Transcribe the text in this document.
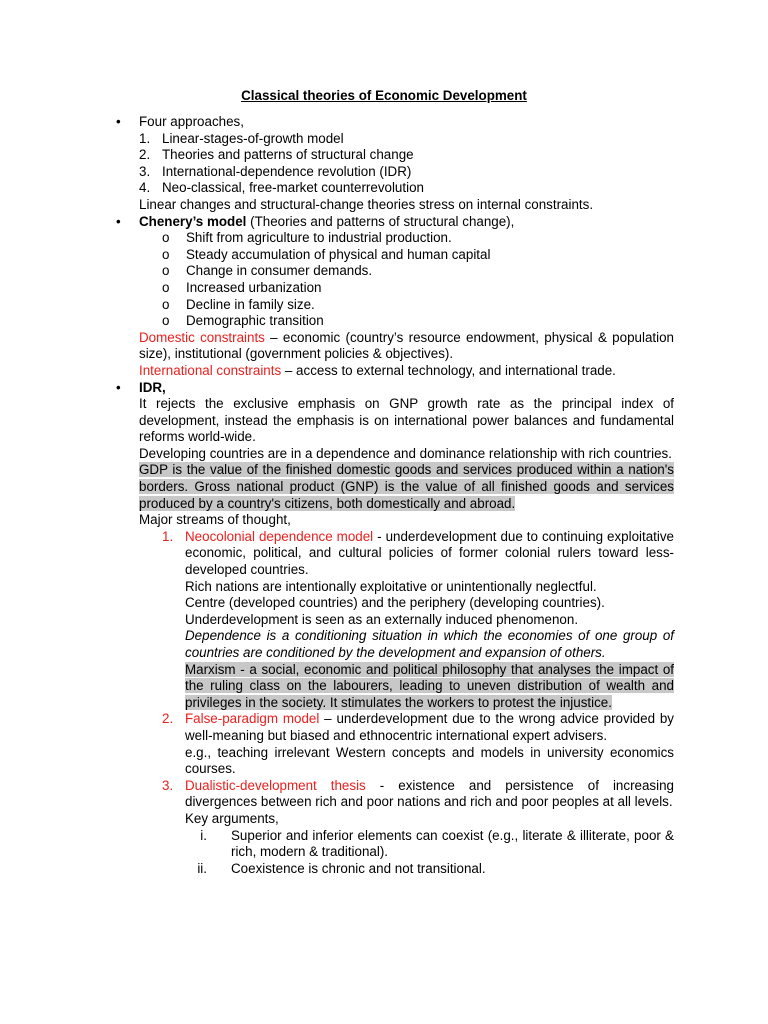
Classical theories of Economic Development
• Four approaches,

1. Linear-stages-of-growth model
2. Theories and patterns of structural change
3. International-dependence revolution (IDR)
4. Neo-classical, free-market counterrevolution

Linear changes and structural-change theories stress on internal constraints.

• Chenery’s model (Theories and patterns of structural change),

o Shift from agriculture to industrial production.
o Steady accumulation of physical and human capital
o Change in consumer demands.
o Increased urbanization
o Decline in family size.
o Demographic transition

Domestic constraints – economic (country’s resource endowment, physical & population size), institutional (government policies & objectives).

International constraints – access to external technology, and international trade.

• IDR,

It rejects the exclusive emphasis on GNP growth rate as the principal index of development, instead the emphasis is on international power balances and fundamental reforms world-wide.

Developing countries are in a dependence and dominance relationship with rich countries.

GDP is the value of the finished domestic goods and services produced within a nation's borders. Gross national product (GNP) is the value of all finished goods and services produced by a country's citizens, both domestically and abroad.

Major streams of thought,

1. Neocolonial dependence model - underdevelopment due to continuing exploitative economic, political, and cultural policies of former colonial rulers toward less-developed countries.

Rich nations are intentionally exploitative or unintentionally neglectful.

Centre (developed countries) and the periphery (developing countries).

Underdevelopment is seen as an externally induced phenomenon.

Dependence is a conditioning situation in which the economies of one group of countries are conditioned by the development and expansion of others.

Marxism - a social, economic and political philosophy that analyses the impact of the ruling class on the labourers, leading to uneven distribution of wealth and privileges in the society. It stimulates the workers to protest the injustice.

2. False-paradigm model – underdevelopment due to the wrong advice provided by well-meaning but biased and ethnocentric international expert advisers.

e.g., teaching irrelevant Western concepts and models in university economics courses.

3. Dualistic-development thesis - existence and persistence of increasing divergences between rich and poor nations and rich and poor peoples at all levels.

Key arguments,

i. Superior and inferior elements can coexist (e.g., literate & illiterate, poor & rich, modern & traditional).

ii. Coexistence is chronic and not transitional.
